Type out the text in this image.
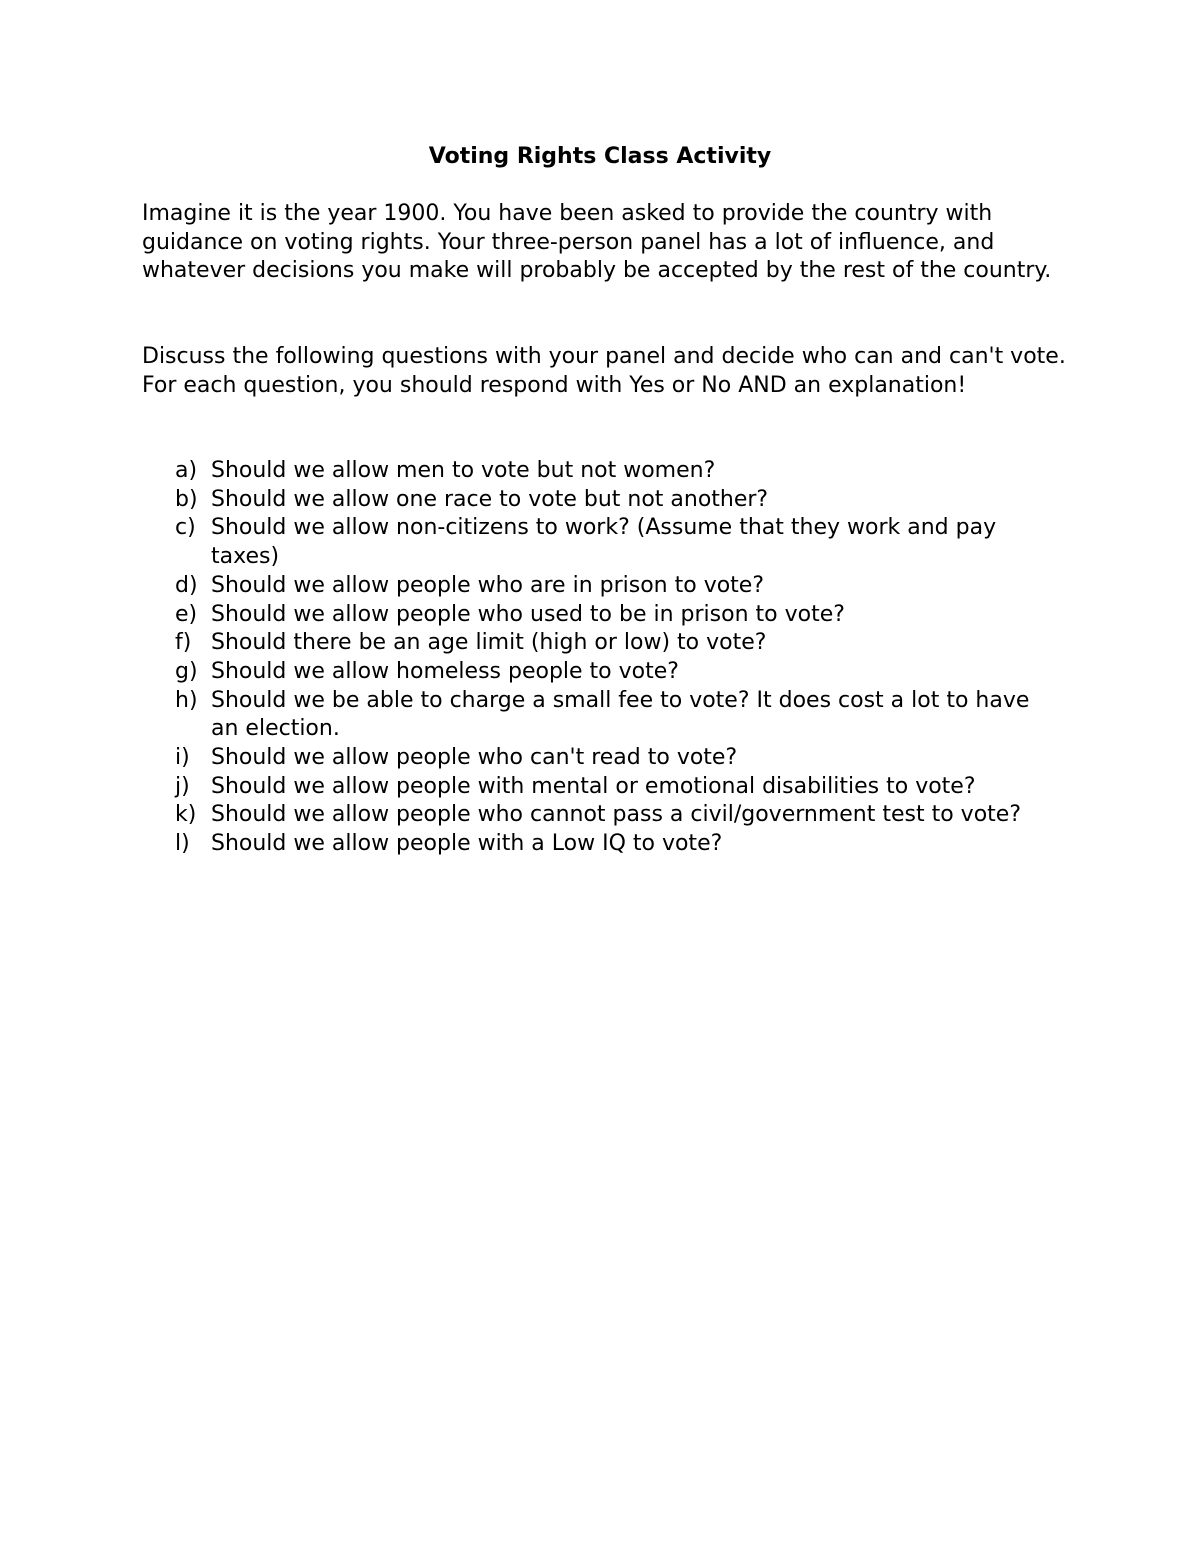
Voting Rights Class Activity

Imagine it is the year 1900. You have been asked to provide the country with guidance on voting rights. Your three-person panel has a lot of influence, and whatever decisions you make will probably be accepted by the rest of the country.

Discuss the following questions with your panel and decide who can and can't vote. For each question, you should respond with Yes or No AND an explanation!

a) Should we allow men to vote but not women?
b) Should we allow one race to vote but not another?
c) Should we allow non-citizens to work? (Assume that they work and pay taxes)
d) Should we allow people who are in prison to vote?
e) Should we allow people who used to be in prison to vote?
f) Should there be an age limit (high or low) to vote?
g) Should we allow homeless people to vote?
h) Should we be able to charge a small fee to vote? It does cost a lot to have an election.
i) Should we allow people who can't read to vote?
j) Should we allow people with mental or emotional disabilities to vote?
k) Should we allow people who cannot pass a civil/government test to vote?
l) Should we allow people with a Low IQ to vote?
